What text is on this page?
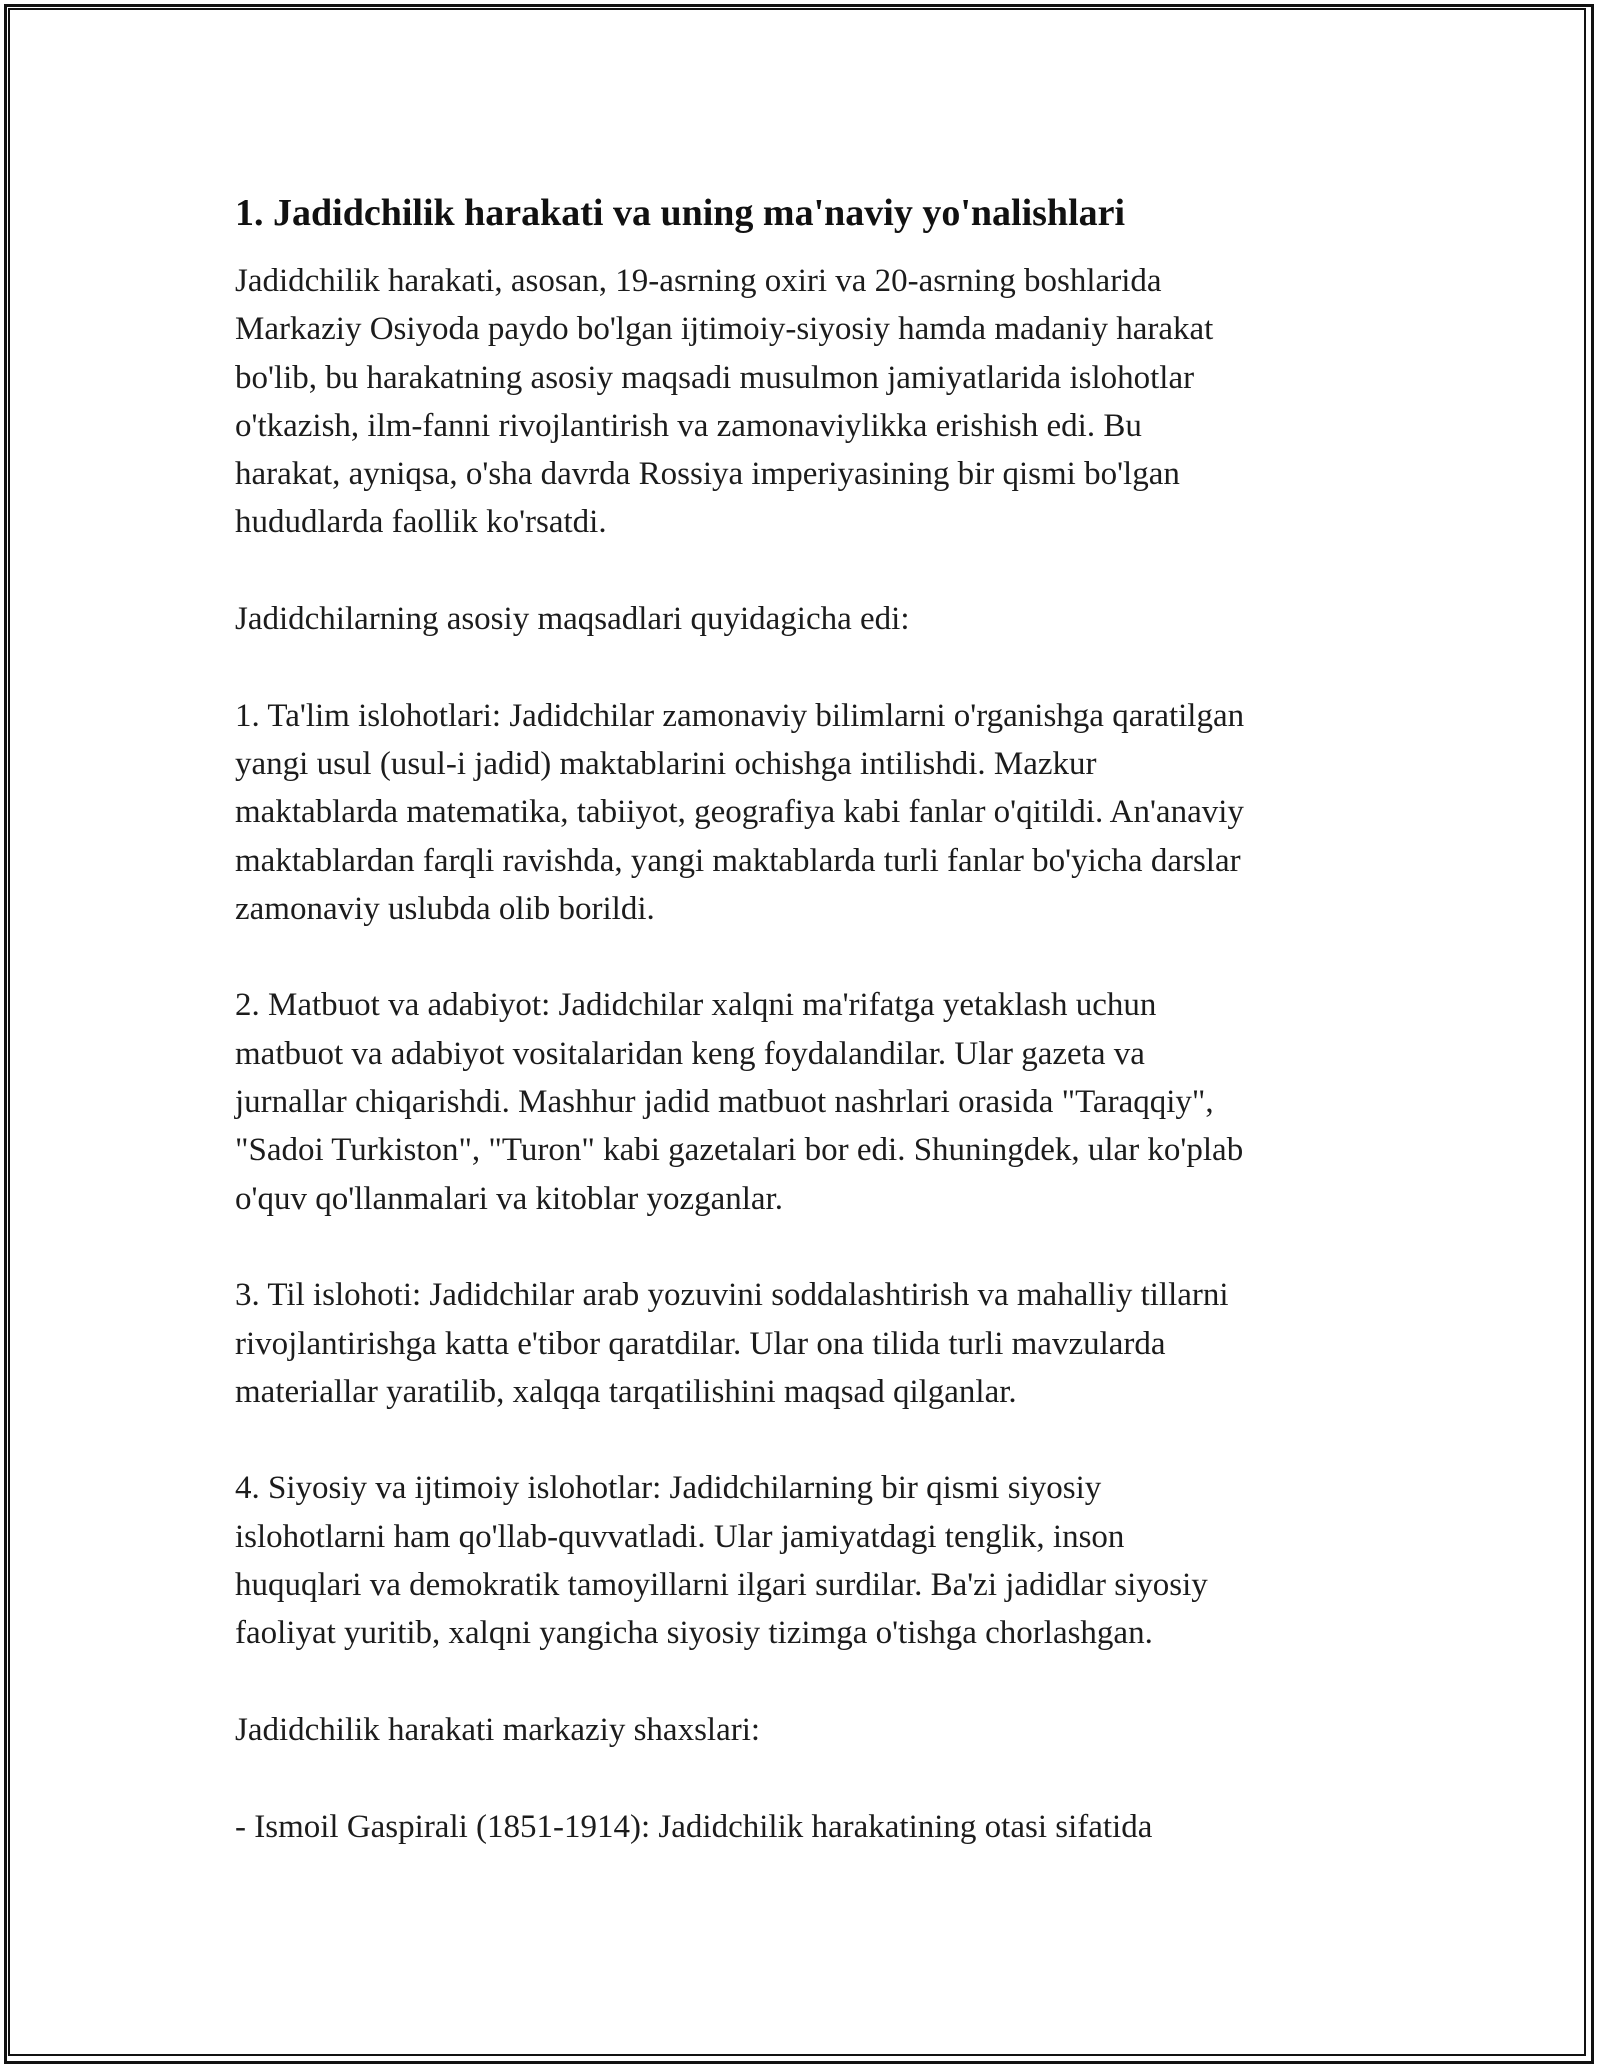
1. Jadidchilik harakati va uning ma'naviy yo'nalishlari

Jadidchilik harakati, asosan, 19-asrning oxiri va 20-asrning boshlarida
Markaziy Osiyoda paydo bo'lgan ijtimoiy-siyosiy hamda madaniy harakat
bo'lib, bu harakatning asosiy maqsadi musulmon jamiyatlarida islohotlar
o'tkazish, ilm-fanni rivojlantirish va zamonaviylikka erishish edi. Bu
harakat, ayniqsa, o'sha davrda Rossiya imperiyasining bir qismi bo'lgan
hududlarda faollik ko'rsatdi.

Jadidchilarning asosiy maqsadlari quyidagicha edi:

1. Ta'lim islohotlari: Jadidchilar zamonaviy bilimlarni o'rganishga qaratilgan
yangi usul (usul-i jadid) maktablarini ochishga intilishdi. Mazkur
maktablarda matematika, tabiiyot, geografiya kabi fanlar o'qitildi. An'anaviy
maktablardan farqli ravishda, yangi maktablarda turli fanlar bo'yicha darslar
zamonaviy uslubda olib borildi.

2. Matbuot va adabiyot: Jadidchilar xalqni ma'rifatga yetaklash uchun
matbuot va adabiyot vositalaridan keng foydalandilar. Ular gazeta va
jurnallar chiqarishdi. Mashhur jadid matbuot nashrlari orasida "Taraqqiy",
"Sadoi Turkiston", "Turon" kabi gazetalari bor edi. Shuningdek, ular ko'plab
o'quv qo'llanmalari va kitoblar yozganlar.

3. Til islohoti: Jadidchilar arab yozuvini soddalashtirish va mahalliy tillarni
rivojlantirishga katta e'tibor qaratdilar. Ular ona tilida turli mavzularda
materiallar yaratilib, xalqqa tarqatilishini maqsad qilganlar.

4. Siyosiy va ijtimoiy islohotlar: Jadidchilarning bir qismi siyosiy
islohotlarni ham qo'llab-quvvatladi. Ular jamiyatdagi tenglik, inson
huquqlari va demokratik tamoyillarni ilgari surdilar. Ba'zi jadidlar siyosiy
faoliyat yuritib, xalqni yangicha siyosiy tizimga o'tishga chorlashgan.

Jadidchilik harakati markaziy shaxslari:

- Ismoil Gaspirali (1851-1914): Jadidchilik harakatining otasi sifatida
